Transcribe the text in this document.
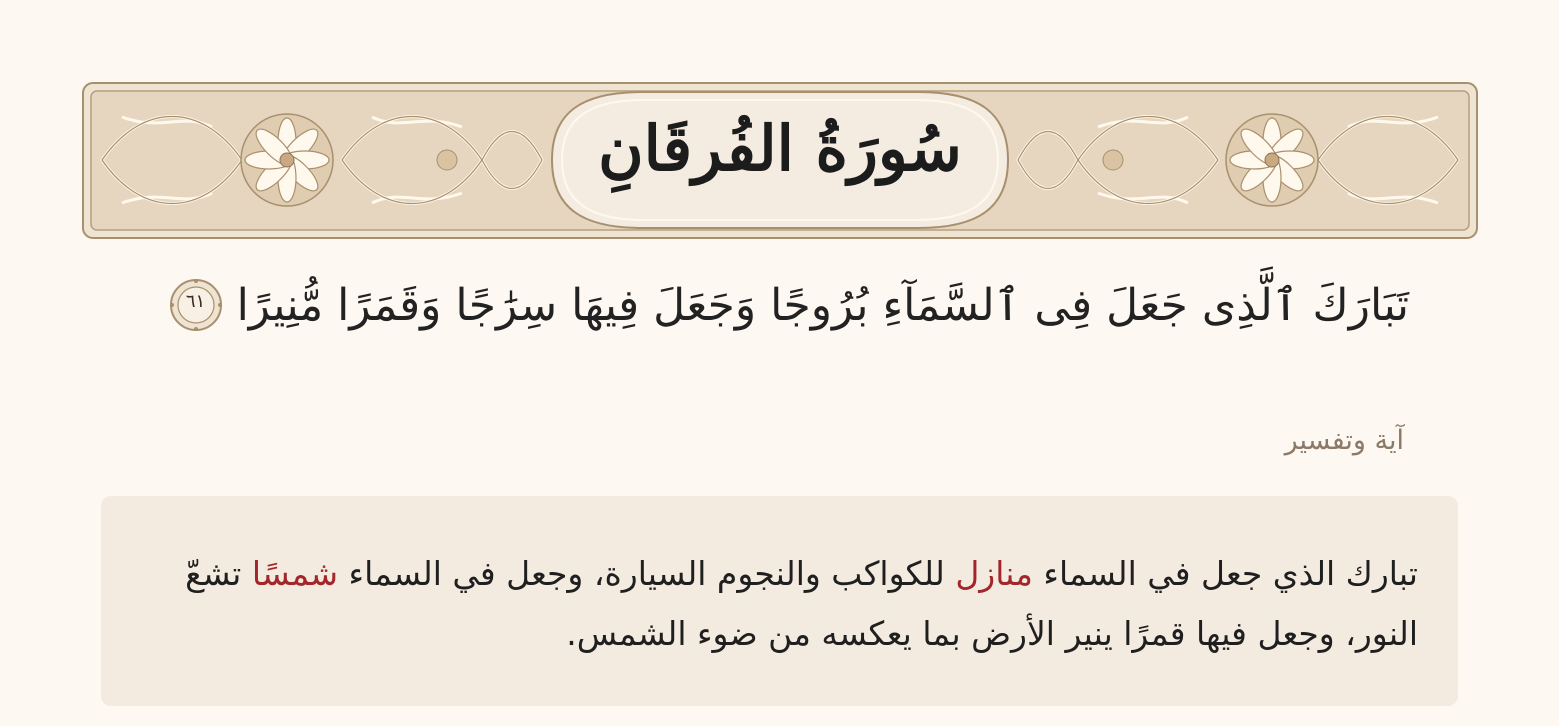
سُورَةُ الفُرقَانِ
تَبَارَكَ ٱلَّذِى جَعَلَ فِى ٱلسَّمَآءِ بُرُوجًا وَجَعَلَ فِيهَا سِرَٰجًا وَقَمَرًا مُّنِيرًا
٦١
آية وتفسير
تبارك الذي جعل في السماء منازل للكواكب والنجوم السيارة، وجعل في السماء شمسًا تشعّ النور، وجعل فيها قمرًا ينير الأرض بما يعكسه من ضوء الشمس.
